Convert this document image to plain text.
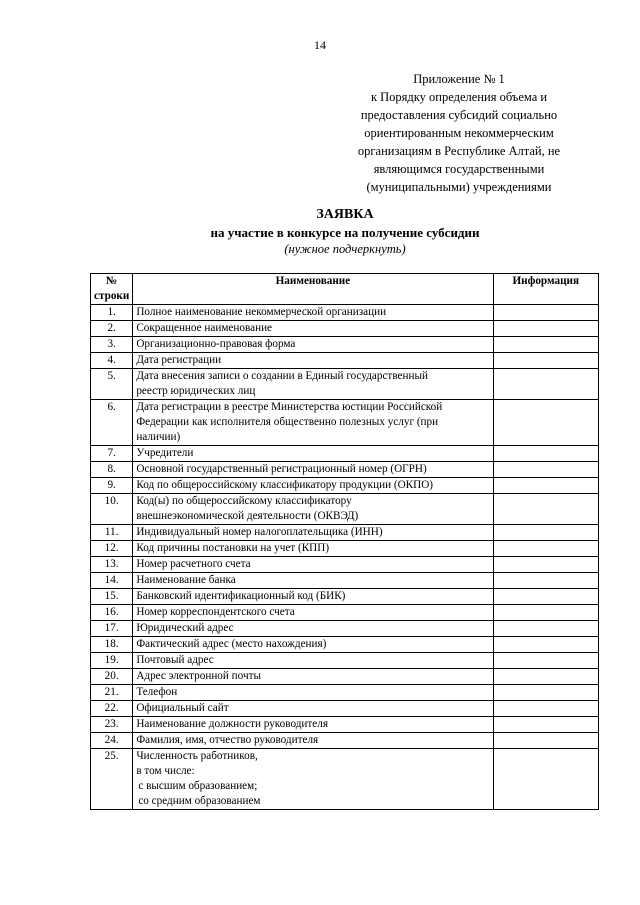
14
Приложение № 1
к Порядку определения объема и
предоставления субсидий социально
ориентированным некоммерческим
организациям в Республике Алтай, не
являющимся государственными
(муниципальными) учреждениями
ЗАЯВКА
на участие в конкурсе на получение субсидии
(нужное подчеркнуть)
№
строки	Наименование	Информация
1.	Полное наименование некоммерческой организации	

2.	Сокращенное наименование	

3.	Организационно-правовая форма	

4.	Дата регистрации	

5.	Дата внесения записи о создании в Единый государственный
реестр юридических лиц	

6.	Дата регистрации в реестре Министерства юстиции Российской
Федерации как исполнителя общественно полезных услуг (при
наличии)	

7.	Учредители	

8.	Основной государственный регистрационный номер (ОГРН)	

9.	Код по общероссийскому классификатору продукции (ОКПО)	

10.	Код(ы) по общероссийскому классификатору
внешнеэкономической деятельности (ОКВЭД)	

11.	Индивидуальный номер налогоплательщика (ИНН)	

12.	Код причины постановки на учет (КПП)	

13.	Номер расчетного счета	

14.	Наименование банка	

15.	Банковский идентификационный код (БИК)	

16.	Номер корреспондентского счета	

17.	Юридический адрес	

18.	Фактический адрес (место нахождения)	

19.	Почтовый адрес	

20.	Адрес электронной почты	

21.	Телефон	

22.	Официальный сайт	

23.	Наименование должности руководителя	

24.	Фамилия, имя, отчество руководителя	

25.	Численность работников,
в том числе:
с высшим образованием;
со средним образованием	
